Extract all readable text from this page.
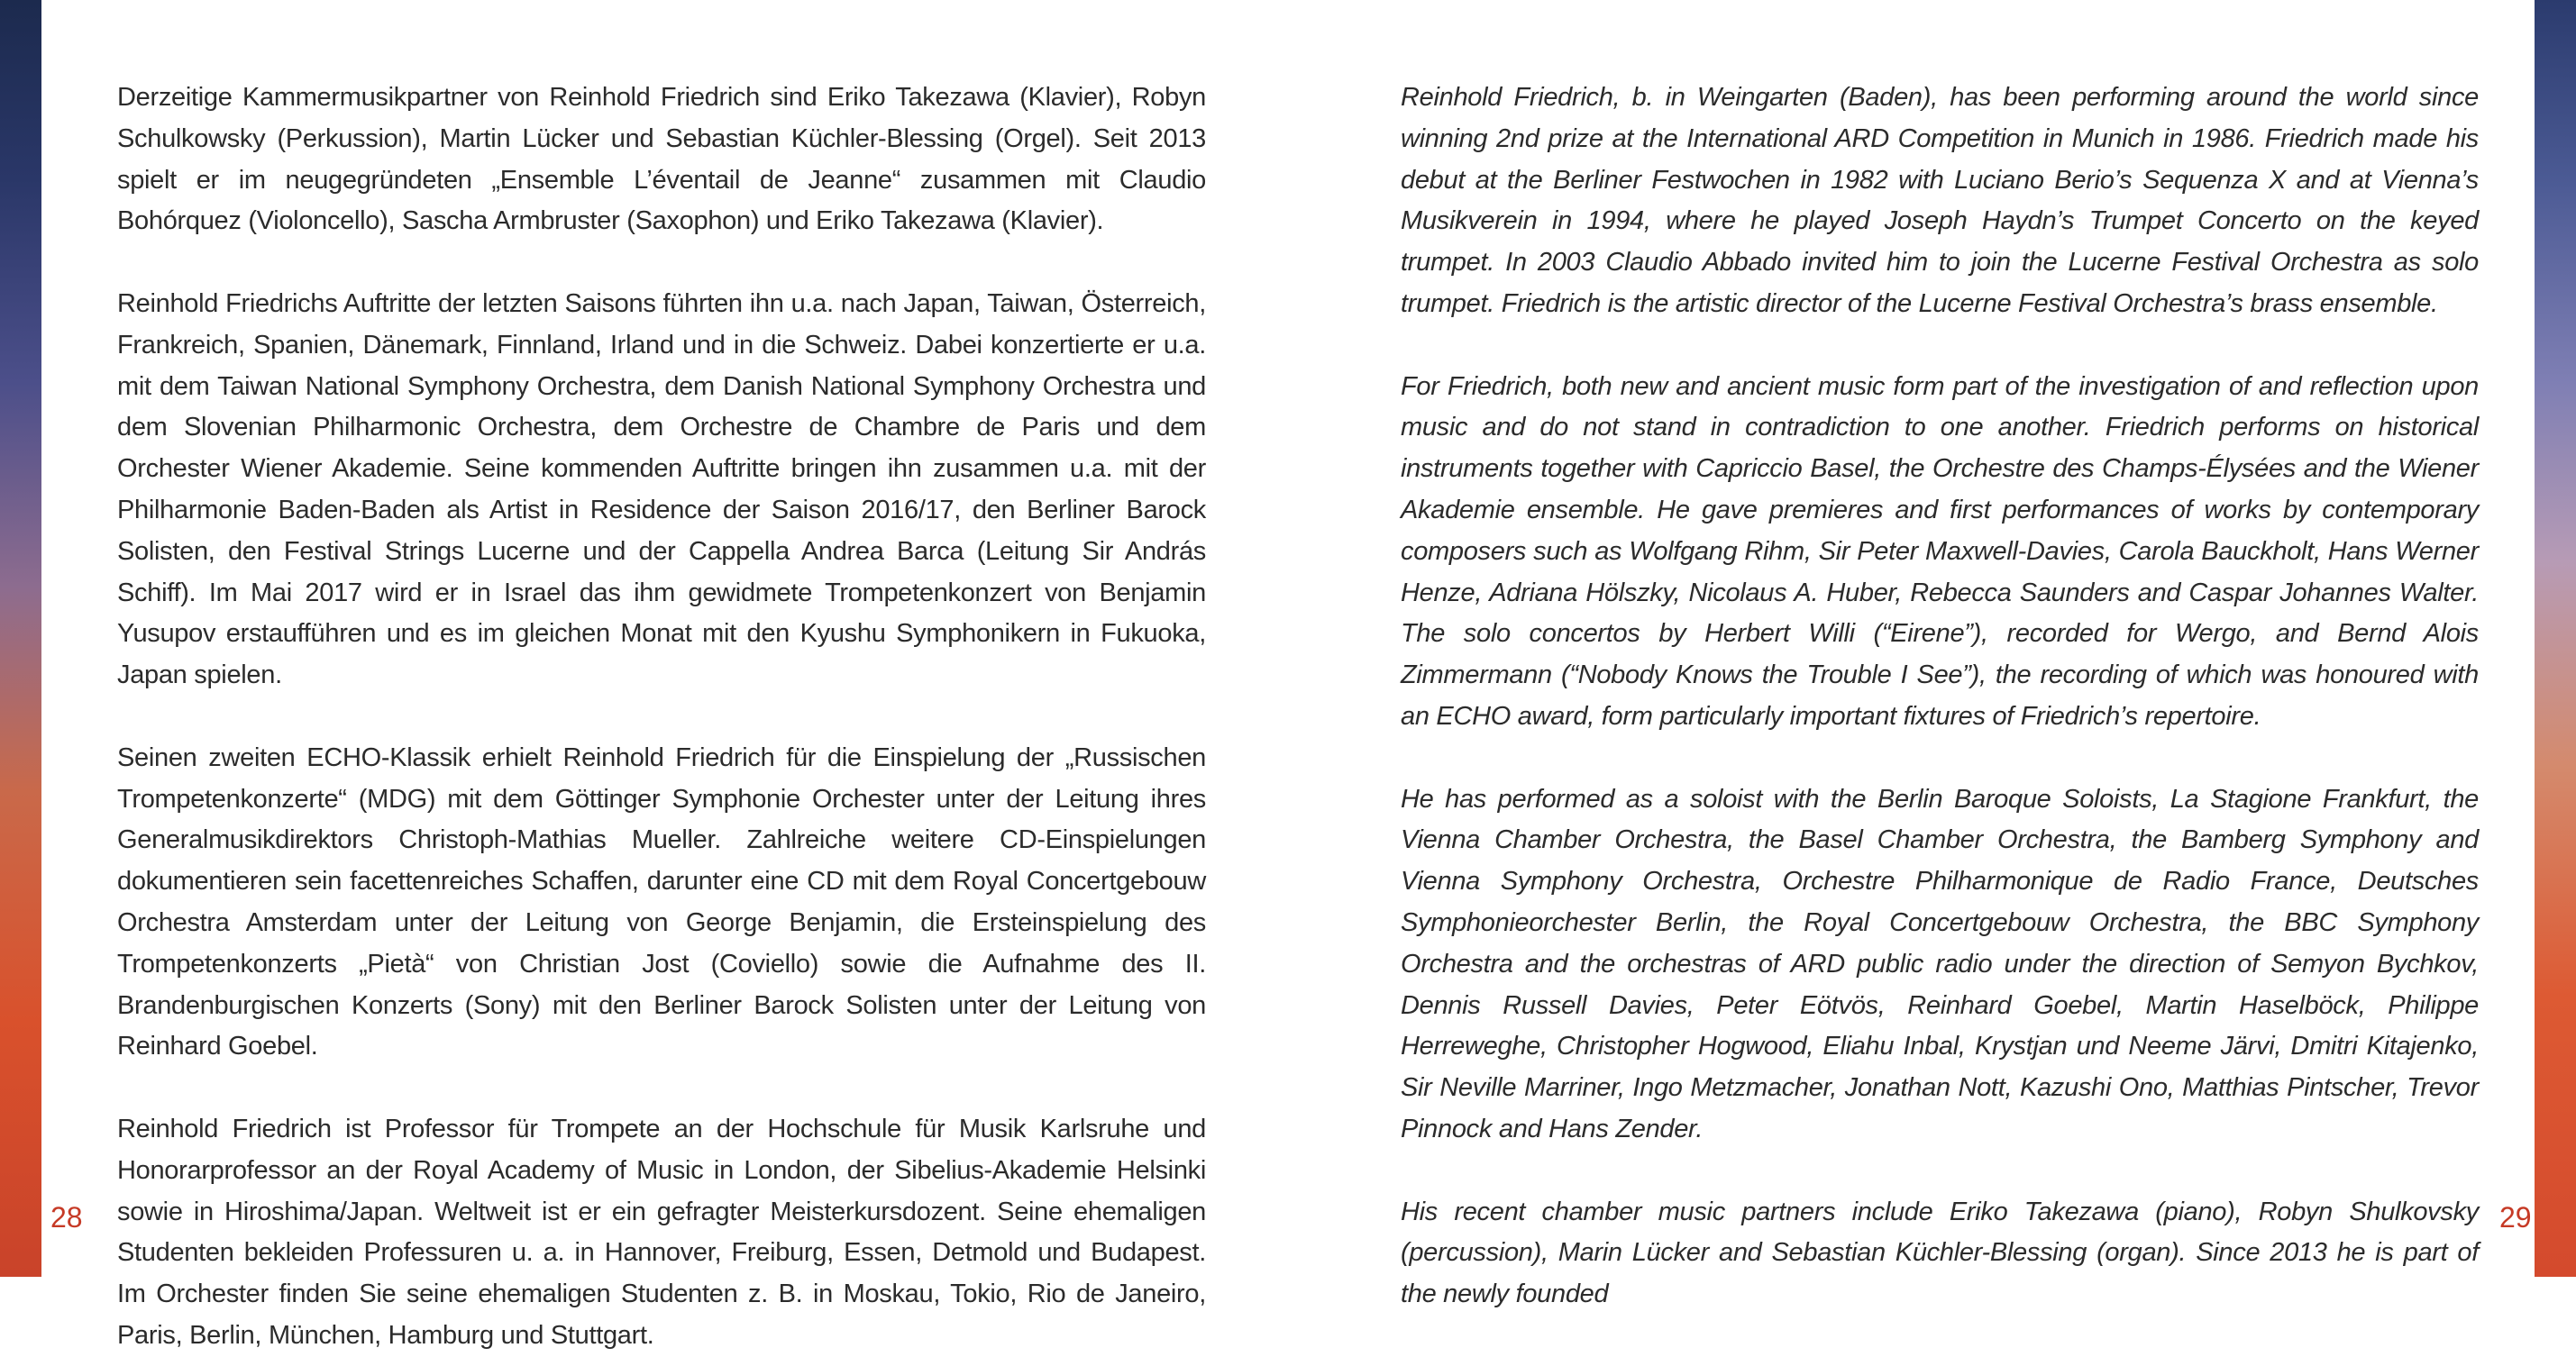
Derzeitige Kammermusikpartner von Reinhold Friedrich sind Eriko Takezawa (Klavier), Robyn Schulkowsky (Perkussion), Martin Lücker und Sebastian Küchler-Blessing (Orgel). Seit 2013 spielt er im neugegründeten „Ensemble L’éventail de Jeanne“ zusammen mit Claudio Bohórquez (Violoncello), Sascha Armbruster (Saxophon) und Eriko Takezawa (Klavier).

Reinhold Friedrichs Auftritte der letzten Saisons führten ihn u.a. nach Japan, Taiwan, Österreich, Frankreich, Spanien, Dänemark, Finnland, Irland und in die Schweiz. Dabei konzertierte er u.a. mit dem Taiwan National Symphony Orchestra, dem Danish National Symphony Orchestra und dem Slovenian Philharmonic Orchestra, dem Orchestre de Chambre de Paris und dem Orchester Wiener Akademie. Seine kommenden Auftritte bringen ihn zusammen u.a. mit der Philharmonie Baden-Baden als Artist in Residence der Saison 2016/17, den Berliner Barock Solisten, den Festival Strings Lucerne und der Cappella Andrea Barca (Leitung Sir András Schiff). Im Mai 2017 wird er in Israel das ihm gewidmete Trompetenkonzert von Benjamin Yusupov erstaufführen und es im gleichen Monat mit den Kyushu Symphonikern in Fukuoka, Japan spielen.

Seinen zweiten ECHO-Klassik erhielt Reinhold Friedrich für die Einspielung der „Russischen Trompetenkonzerte“ (MDG) mit dem Göttinger Symphonie Orchester unter der Leitung ihres Generalmusikdirektors Christoph-Mathias Mueller. Zahlreiche weitere CD-Einspielungen dokumentieren sein facettenreiches Schaffen, darunter eine CD mit dem Royal Concertgebouw Orchestra Amsterdam unter der Leitung von George Benjamin, die Ersteinspielung des Trompetenkonzerts „Pietà“ von Christian Jost (Coviello) sowie die Aufnahme des II. Brandenburgischen Konzerts (Sony) mit den Berliner Barock Solisten unter der Leitung von Reinhard Goebel.

Reinhold Friedrich ist Professor für Trompete an der Hochschule für Musik Karlsruhe und Honorarprofessor an der Royal Academy of Music in London, der Sibelius-Akademie Helsinki sowie in Hiroshima/Japan. Weltweit ist er ein gefragter Meisterkursdozent. Seine ehemaligen Studenten bekleiden Professuren u. a. in Hannover, Freiburg, Essen, Detmold und Budapest. Im Orchester finden Sie seine ehemaligen Studenten z. B. in Moskau, Tokio, Rio de Janeiro, Paris, Berlin, München, Hamburg und Stuttgart.

Reinhold Friedrich, b. in Weingarten (Baden), has been performing around the world since winning 2nd prize at the International ARD Competition in Munich in 1986. Friedrich made his debut at the Berliner Festwochen in 1982 with Luciano Berio’s Sequenza X and at Vienna’s Musikverein in 1994, where he played Joseph Haydn’s Trumpet Concerto on the keyed trumpet. In 2003 Claudio Abbado invited him to join the Lucerne Festival Orchestra as solo trumpet. Friedrich is the artistic director of the Lucerne Festival Orchestra’s brass ensemble.

For Friedrich, both new and ancient music form part of the investigation of and reflection upon music and do not stand in contradiction to one another. Friedrich performs on historical instruments together with Capriccio Basel, the Orchestre des Champs-Élysées and the Wiener Akademie ensemble. He gave premieres and first performances of works by contemporary composers such as Wolfgang Rihm, Sir Peter Maxwell-Davies, Carola Bauckholt, Hans Werner Henze, Adriana Hölszky, Nicolaus A. Huber, Rebecca Saunders and Caspar Johannes Walter. The solo concertos by Herbert Willi (“Eirene”), recorded for Wergo, and Bernd Alois Zimmermann (“Nobody Knows the Trouble I See”), the recording of which was honoured with an ECHO award, form particularly important fixtures of Friedrich’s repertoire.

He has performed as a soloist with the Berlin Baroque Soloists, La Stagione Frankfurt, the Vienna Chamber Orchestra, the Basel Chamber Orchestra, the Bamberg Symphony and Vienna Symphony Orchestra, Orchestre Philharmonique de Radio France, Deutsches Symphonieorchester Berlin, the Royal Concertgebouw Orchestra, the BBC Symphony Orchestra and the orchestras of ARD public radio under the direction of Semyon Bychkov, Dennis Russell Davies, Peter Eötvös, Reinhard Goebel, Martin Haselböck, Philippe Herreweghe, Christopher Hogwood, Eliahu Inbal, Krystjan und Neeme Järvi, Dmitri Kitajenko, Sir Neville Marriner, Ingo Metzmacher, Jonathan Nott, Kazushi Ono, Matthias Pintscher, Trevor Pinnock and Hans Zender.

His recent chamber music partners include Eriko Takezawa (piano), Robyn Shulkovsky (percussion), Marin Lücker and Sebastian Küchler-Blessing (organ). Since 2013 he is part of the newly founded

28	29
